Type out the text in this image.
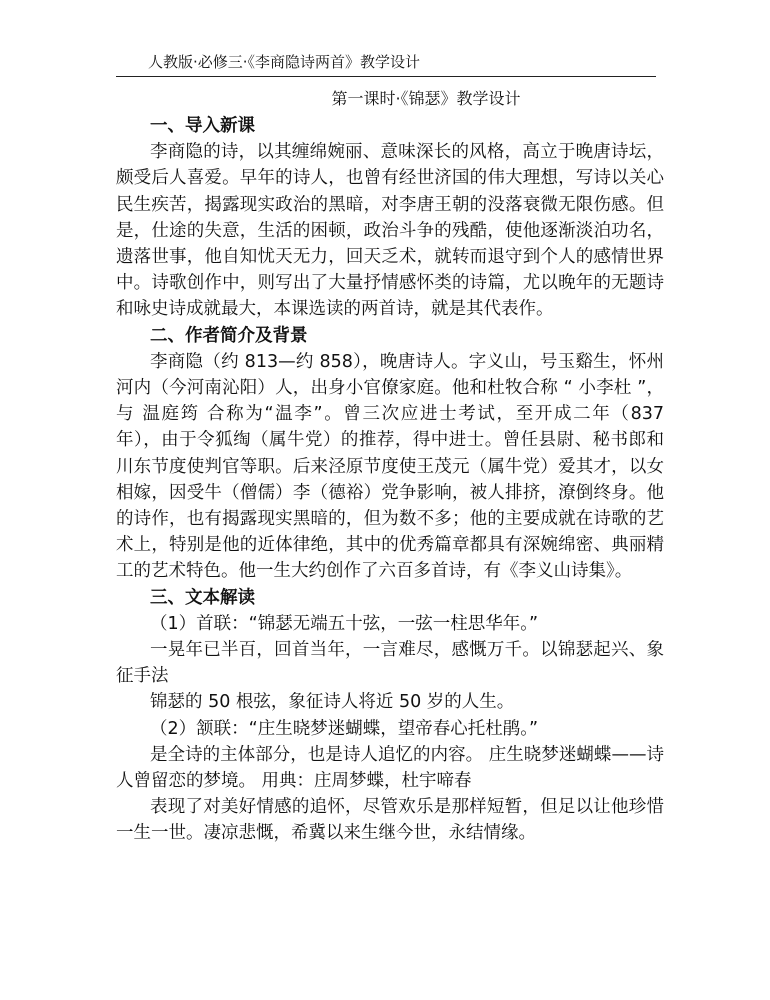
人教版·必修三·《李商隐诗两首》教学设计

第一课时·《锦瑟》教学设计

一、导入新课

李商隐的诗，以其缠绵婉丽、意味深长的风格，高立于晚唐诗坛，颇受后人喜爱。早年的诗人，也曾有经世济国的伟大理想，写诗以关心民生疾苦，揭露现实政治的黑暗，对李唐王朝的没落衰微无限伤感。但是，仕途的失意，生活的困顿，政治斗争的残酷，使他逐渐淡泊功名，遗落世事，他自知忧天无力，回天乏术，就转而退守到个人的感情世界中。诗歌创作中，则写出了大量抒情感怀类的诗篇，尤以晚年的无题诗和咏史诗成就最大，本课选读的两首诗，就是其代表作。

二、作者简介及背景

李商隐（约 813—约 858），晚唐诗人。字义山，号玉谿生，怀州河内（今河南沁阳）人，出身小官僚家庭。他和杜牧合称 “ 小李杜 ”，与 温庭筠 合称为“温李”。曾三次应进士考试，至开成二年（837 年），由于令狐绹（属牛党）的推荐，得中进士。曾任县尉、秘书郎和川东节度使判官等职。后来泾原节度使王茂元（属牛党）爱其才，以女相嫁，因受牛（僧儒）李（德裕）党争影响，被人排挤，潦倒终身。他的诗作，也有揭露现实黑暗的，但为数不多；他的主要成就在诗歌的艺术上，特别是他的近体律绝，其中的优秀篇章都具有深婉绵密、典丽精工的艺术特色。他一生大约创作了六百多首诗，有《李义山诗集》。

三、文本解读

（1）首联：“锦瑟无端五十弦，一弦一柱思华年。”

一晃年已半百，回首当年，一言难尽，感慨万千。以锦瑟起兴、象征手法

锦瑟的 50 根弦，象征诗人将近 50 岁的人生。

（2）颔联：“庄生晓梦迷蝴蝶，望帝春心托杜鹃。”

是全诗的主体部分，也是诗人追忆的内容。 庄生晓梦迷蝴蝶——诗人曾留恋的梦境。 用典：庄周梦蝶，杜宇啼春

表现了对美好情感的追怀，尽管欢乐是那样短暂，但足以让他珍惜一生一世。凄凉悲慨，希冀以来生继今世，永结情缘。
